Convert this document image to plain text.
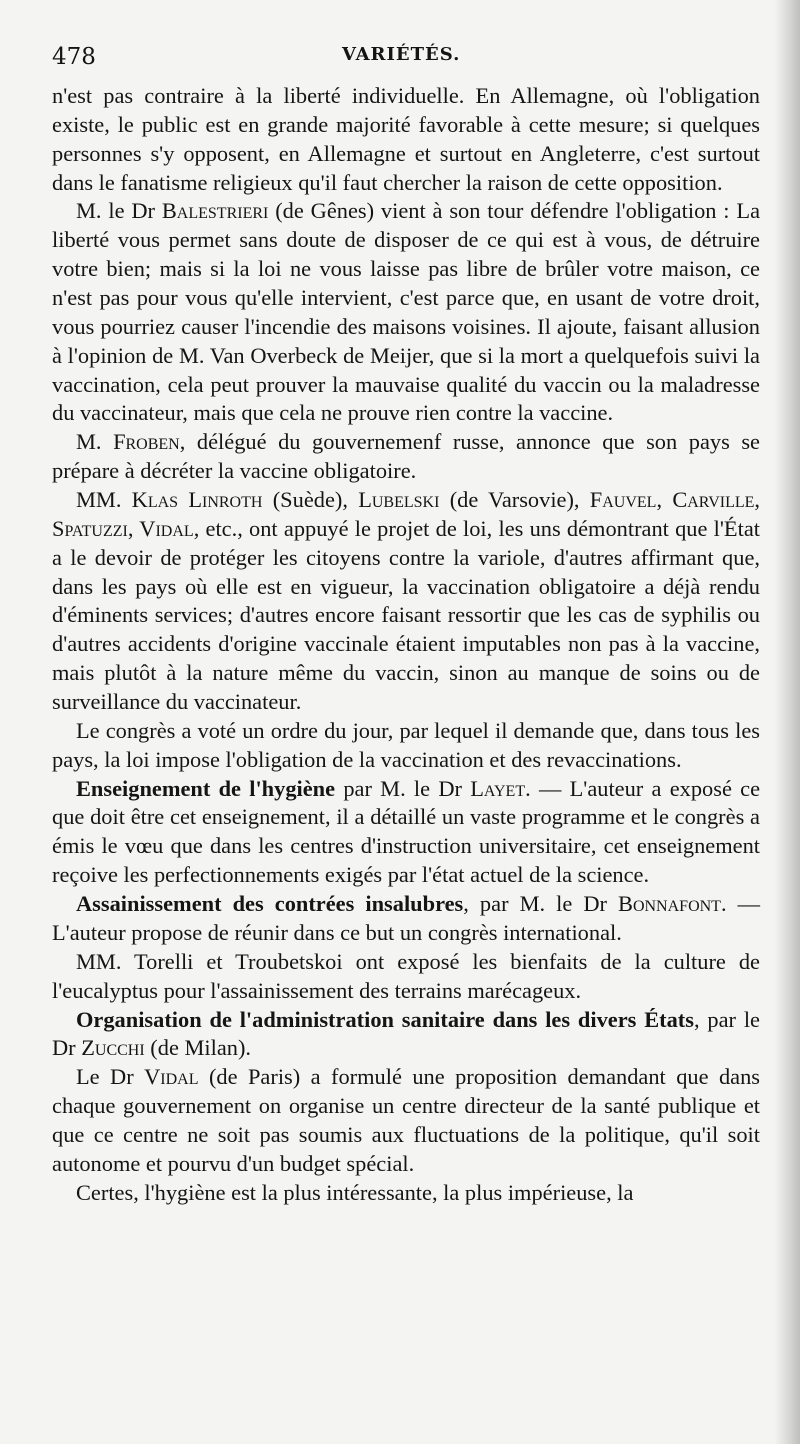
478	VARIÉTÉS.

n'est pas contraire à la liberté individuelle. En Allemagne, où l'obligation existe, le public est en grande majorité favorable à cette mesure; si quelques personnes s'y opposent, en Allemagne et surtout en Angleterre, c'est surtout dans le fanatisme religieux qu'il faut chercher la raison de cette opposition.

M. le Dr Balestrieri (de Gênes) vient à son tour défendre l'obligation : La liberté vous permet sans doute de disposer de ce qui est à vous, de détruire votre bien; mais si la loi ne vous laisse pas libre de brûler votre maison, ce n'est pas pour vous qu'elle intervient, c'est parce que, en usant de votre droit, vous pourriez causer l'incendie des maisons voisines. Il ajoute, faisant allusion à l'opinion de M. Van Overbeck de Meijer, que si la mort a quelquefois suivi la vaccination, cela peut prouver la mauvaise qualité du vaccin ou la maladresse du vaccinateur, mais que cela ne prouve rien contre la vaccine.

M. Froben, délégué du gouvernemenf russe, annonce que son pays se prépare à décréter la vaccine obligatoire.

MM. Klas Linroth (Suède), Lubelski (de Varsovie), Fauvel, Carville, Spatuzzi, Vidal, etc., ont appuyé le projet de loi, les uns démontrant que l'État a le devoir de protéger les citoyens contre la variole, d'autres affirmant que, dans les pays où elle est en vigueur, la vaccination obligatoire a déjà rendu d'éminents services; d'autres encore faisant ressortir que les cas de syphilis ou d'autres accidents d'origine vaccinale étaient imputables non pas à la vaccine, mais plutôt à la nature même du vaccin, sinon au manque de soins ou de surveillance du vaccinateur.

Le congrès a voté un ordre du jour, par lequel il demande que, dans tous les pays, la loi impose l'obligation de la vaccination et des revaccinations.

Enseignement de l'hygiène par M. le Dr Layet. — L'auteur a exposé ce que doit être cet enseignement, il a détaillé un vaste programme et le congrès a émis le vœu que dans les centres d'instruction universitaire, cet enseignement reçoive les perfectionnements exigés par l'état actuel de la science.

Assainissement des contrées insalubres, par M. le Dr Bonnafont. —L'auteur propose de réunir dans ce but un congrès international.

MM. Torelli et Troubetskoi ont exposé les bienfaits de la culture de l'eucalyptus pour l'assainissement des terrains marécageux.

Organisation de l'administration sanitaire dans les divers États, par le Dr Zucchi (de Milan).

Le Dr Vidal (de Paris) a formulé une proposition demandant que dans chaque gouvernement on organise un centre directeur de la santé publique et que ce centre ne soit pas soumis aux fluctuations de la politique, qu'il soit autonome et pourvu d'un budget spécial.

Certes, l'hygiène est la plus intéressante, la plus impérieuse, la
